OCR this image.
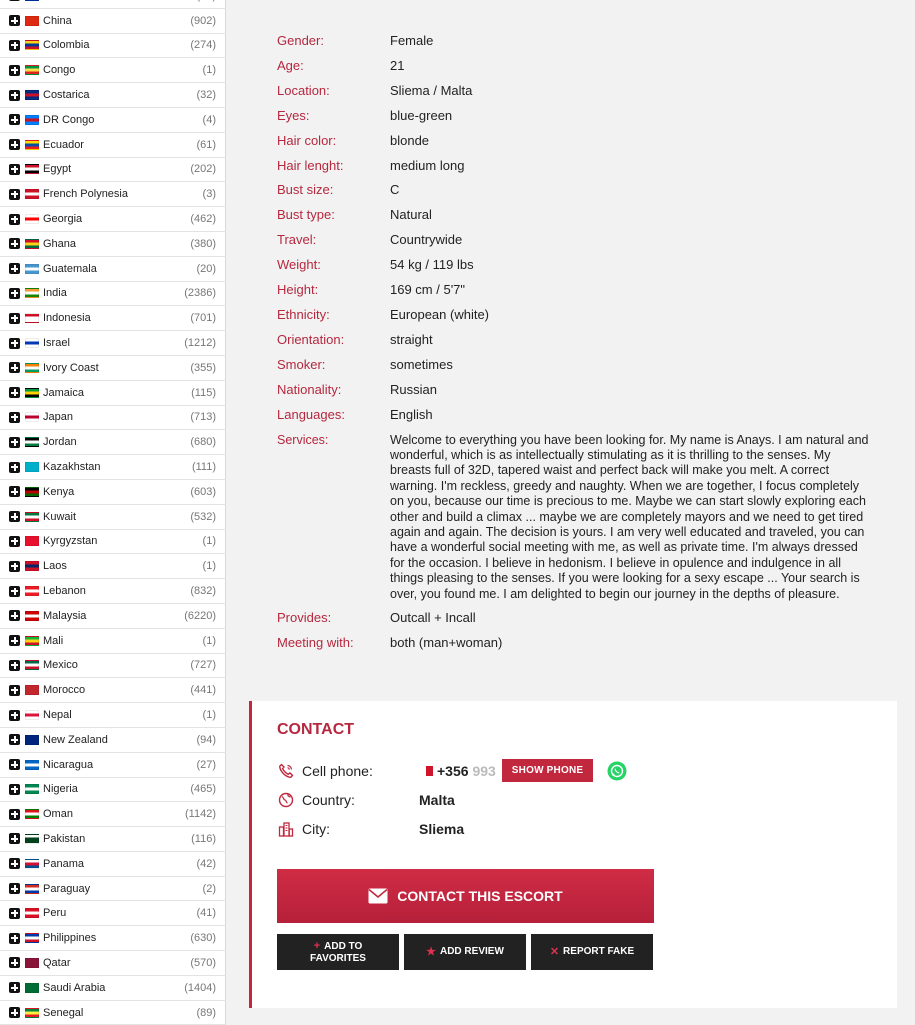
China	(902)
Colombia	(274)
Congo	(1)
Costarica	(32)
DR Congo	(4)
Ecuador	(61)
Egypt	(202)
French Polynesia	(3)
Georgia	(462)
Ghana	(380)
Guatemala	(20)
India	(2386)
Indonesia	(701)
Israel	(1212)
Ivory Coast	(355)
Jamaica	(115)
Japan	(713)
Jordan	(680)
Kazakhstan	(111)
Kenya	(603)
Kuwait	(532)
Kyrgyzstan	(1)
Laos	(1)
Lebanon	(832)
Malaysia	(6220)
Mali	(1)
Mexico	(727)
Morocco	(441)
Nepal	(1)
New Zealand	(94)
Nicaragua	(27)
Nigeria	(465)
Oman	(1142)
Pakistan	(116)
Panama	(42)
Paraguay	(2)
Peru	(41)
Philippines	(630)
Qatar	(570)
Saudi Arabia	(1404)
Senegal	(89)
Gender:	Female
Age:	21
Location:	Sliema / Malta
Eyes:	blue-green
Hair color:	blonde
Hair lenght:	medium long
Bust size:	C
Bust type:	Natural
Travel:	Countrywide
Weight:	54 kg / 119 lbs
Height:	169 cm / 5'7"
Ethnicity:	European (white)
Orientation:	straight
Smoker:	sometimes
Nationality:	Russian
Languages:	English
Services:	Welcome to everything you have been looking for. My name is Anays. I am natural and wonderful, which is as intellectually stimulating as it is thrilling to the senses. My breasts full of 32D, tapered waist and perfect back will make you melt. A correct warning. I'm reckless, greedy and naughty. When we are together, I focus completely on you, because our time is precious to me. Maybe we can start slowly exploring each other and build a climax ... maybe we are completely mayors and we need to get tired again and again. The decision is yours. I am very well educated and traveled, you can have a wonderful social meeting with me, as well as private time. I'm always dressed for the occasion. I believe in hedonism. I believe in opulence and indulgence in all things pleasing to the senses. If you were looking for a sexy escape ... Your search is over, you found me. I am delighted to begin our journey in the depths of pleasure.
Provides:	Outcall + Incall
Meeting with:	both (man+woman)
CONTACT
Cell phone:	+356 993	SHOW PHONE
Country:	Malta
City:	Sliema
CONTACT THIS ESCORT
+ ADD TO
FAVORITES	★ ADD REVIEW	✕ REPORT FAKE
